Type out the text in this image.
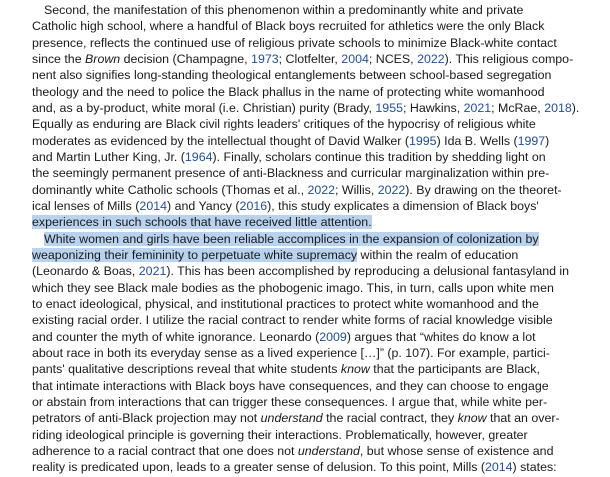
Second, the manifestation of this phenomenon within a predominantly white and private
Catholic high school, where a handful of Black boys recruited for athletics were the only Black
presence, reflects the continued use of religious private schools to minimize Black-white contact
since the Brown decision (Champagne, 1973; Clotfelter, 2004; NCES, 2022). This religious compo-
nent also signifies long-standing theological entanglements between school-based segregation
theology and the need to police the Black phallus in the name of protecting white womanhood
and, as a by-product, white moral (i.e. Christian) purity (Brady, 1955; Hawkins, 2021; McRae, 2018).
Equally as enduring are Black civil rights leaders' critiques of the hypocrisy of religious white
moderates as evidenced by the intellectual thought of David Walker (1995) Ida B. Wells (1997)
and Martin Luther King, Jr. (1964). Finally, scholars continue this tradition by shedding light on
the seemingly permanent presence of anti-Blackness and curricular marginalization within pre-
dominantly white Catholic schools (Thomas et al., 2022; Willis, 2022). By drawing on the theoret-
ical lenses of Mills (2014) and Yancy (2016), this study explicates a dimension of Black boys'
experiences in such schools that have received little attention.
White women and girls have been reliable accomplices in the expansion of colonization by
weaponizing their femininity to perpetuate white supremacy within the realm of education
(Leonardo & Boas, 2021). This has been accomplished by reproducing a delusional fantasyland in
which they see Black male bodies as the phobogenic imago. This, in turn, calls upon white men
to enact ideological, physical, and institutional practices to protect white womanhood and the
existing racial order. I utilize the racial contract to render white forms of racial knowledge visible
and counter the myth of white ignorance. Leonardo (2009) argues that “whites do know a lot
about race in both its everyday sense as a lived experience […]” (p. 107). For example, partici-
pants' qualitative descriptions reveal that white students know that the participants are Black,
that intimate interactions with Black boys have consequences, and they can choose to engage
or abstain from interactions that can trigger these consequences. I argue that, while white per-
petrators of anti-Black projection may not understand the racial contract, they know that an over-
riding ideological principle is governing their interactions. Problematically, however, greater
adherence to a racial contract that one does not understand, but whose sense of existence and
reality is predicated upon, leads to a greater sense of delusion. To this point, Mills (2014) states:
